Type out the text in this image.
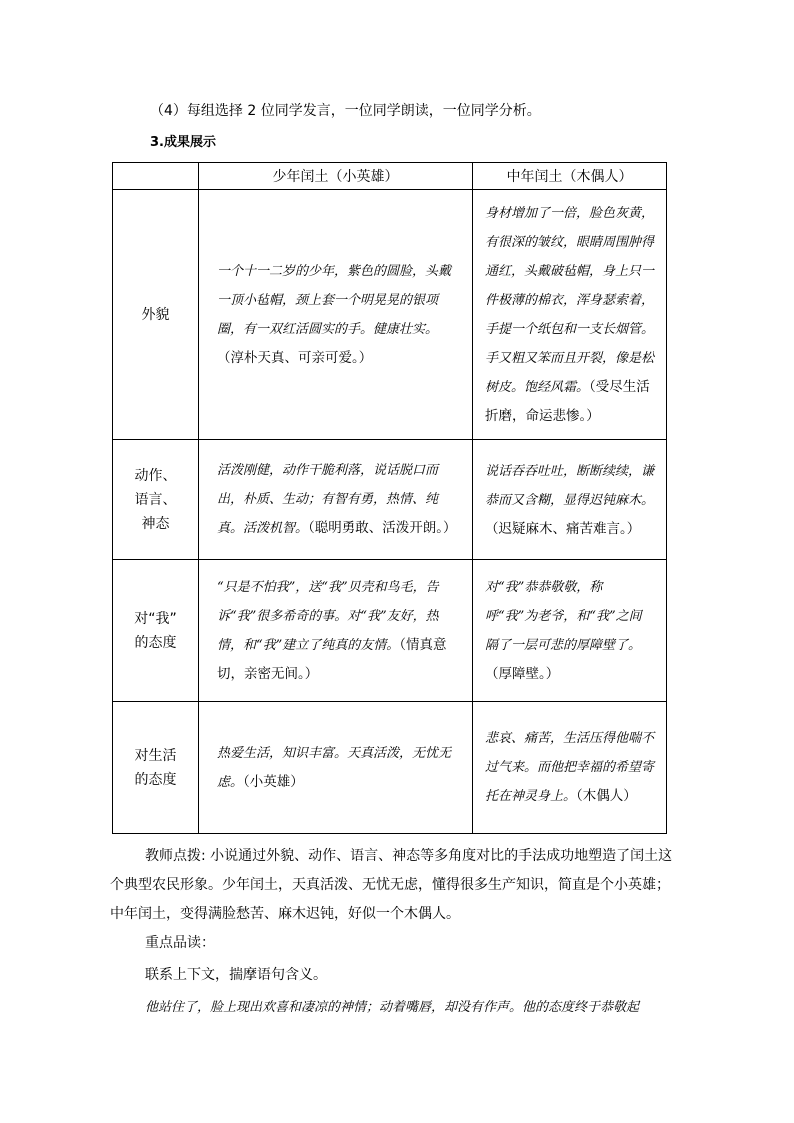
（4）每组选择 2 位同学发言，一位同学朗读，一位同学分析。
3.成果展示
	少年闰土（小英雄）	中年闰土（木偶人）
外貌	一个十一二岁的少年，紫色的圆脸，头戴一顶小毡帽，颈上套一个明晃晃的银项圈，有一双红活圆实的手。健康壮实。（淳朴天真、可亲可爱。）	身材增加了一倍，脸色灰黄，有很深的皱纹，眼睛周围肿得通红，头戴破毡帽，身上只一件极薄的棉衣，浑身瑟索着，手提一个纸包和一支长烟管。手又粗又笨而且开裂，像是松树皮。饱经风霜。（受尽生活折磨，命运悲惨。）

动作、
语言、
神态	活泼刚健，动作干脆利落，说话脱口而出，朴质、生动；有智有勇，热情、纯真。活泼机智。（聪明勇敢、活泼开朗。）	说话吞吞吐吐，断断续续，谦恭而又含糊，显得迟钝麻木。（迟疑麻木、痛苦难言。）

对“我”
的态度	“只是不怕我”，送“我”贝壳和鸟毛，告诉“我”很多希奇的事。对“我”友好，热情，和“我”建立了纯真的友情。（情真意切，亲密无间。）	对“我”恭恭敬敬，称呼“我”为老爷，和“我”之间隔了一层可悲的厚障壁了。（厚障壁。）

对生活
的态度	热爱生活，知识丰富。天真活泼，无忧无虑。（小英雄）	悲哀、痛苦，生活压得他喘不过气来。而他把幸福的希望寄托在神灵身上。（木偶人）
教师点拨: 小说通过外貌、动作、语言、神态等多角度对比的手法成功地塑造了闰土这个典型农民形象。少年闰土，天真活泼、无忧无虑，懂得很多生产知识，简直是个小英雄；中年闰土，变得满脸愁苦、麻木迟钝，好似一个木偶人。
重点品读：
联系上下文，揣摩语句含义。
他站住了，脸上现出欢喜和凄凉的神情；动着嘴唇，却没有作声。他的态度终于恭敬起
